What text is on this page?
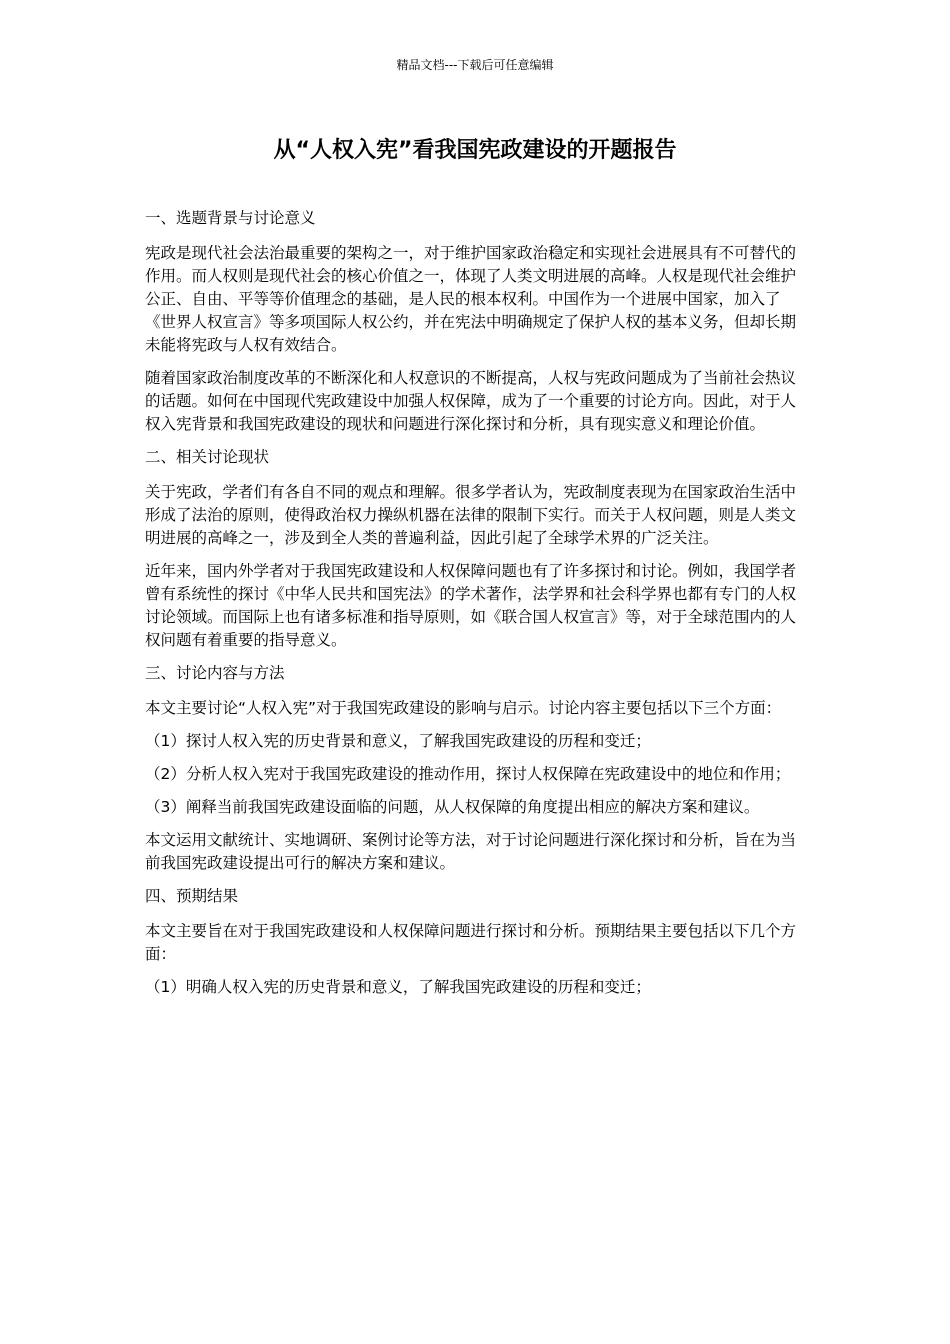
精品文档---下载后可任意编辑
从“人权入宪”看我国宪政建设的开题报告
一、选题背景与讨论意义

宪政是现代社会法治最重要的架构之一，对于维护国家政治稳定和实现社会进展具有不可替代的作用。而人权则是现代社会的核心价值之一，体现了人类文明进展的高峰。人权是现代社会维护公正、自由、平等等价值理念的基础，是人民的根本权利。中国作为一个进展中国家，加入了《世界人权宣言》等多项国际人权公约，并在宪法中明确规定了保护人权的基本义务，但却长期未能将宪政与人权有效结合。

随着国家政治制度改革的不断深化和人权意识的不断提高，人权与宪政问题成为了当前社会热议的话题。如何在中国现代宪政建设中加强人权保障，成为了一个重要的讨论方向。因此，对于人权入宪背景和我国宪政建设的现状和问题进行深化探讨和分析，具有现实意义和理论价值。

二、相关讨论现状

关于宪政，学者们有各自不同的观点和理解。很多学者认为，宪政制度表现为在国家政治生活中形成了法治的原则，使得政治权力操纵机器在法律的限制下实行。而关于人权问题，则是人类文明进展的高峰之一，涉及到全人类的普遍利益，因此引起了全球学术界的广泛关注。

近年来，国内外学者对于我国宪政建设和人权保障问题也有了许多探讨和讨论。例如，我国学者曾有系统性的探讨《中华人民共和国宪法》的学术著作，法学界和社会科学界也都有专门的人权讨论领域。而国际上也有诸多标准和指导原则，如《联合国人权宣言》等，对于全球范围内的人权问题有着重要的指导意义。

三、讨论内容与方法

本文主要讨论“人权入宪”对于我国宪政建设的影响与启示。讨论内容主要包括以下三个方面：

（1）探讨人权入宪的历史背景和意义，了解我国宪政建设的历程和变迁；

（2）分析人权入宪对于我国宪政建设的推动作用，探讨人权保障在宪政建设中的地位和作用；

（3）阐释当前我国宪政建设面临的问题，从人权保障的角度提出相应的解决方案和建议。

本文运用文献统计、实地调研、案例讨论等方法，对于讨论问题进行深化探讨和分析，旨在为当前我国宪政建设提出可行的解决方案和建议。

四、预期结果

本文主要旨在对于我国宪政建设和人权保障问题进行探讨和分析。预期结果主要包括以下几个方面：

（1）明确人权入宪的历史背景和意义，了解我国宪政建设的历程和变迁；
